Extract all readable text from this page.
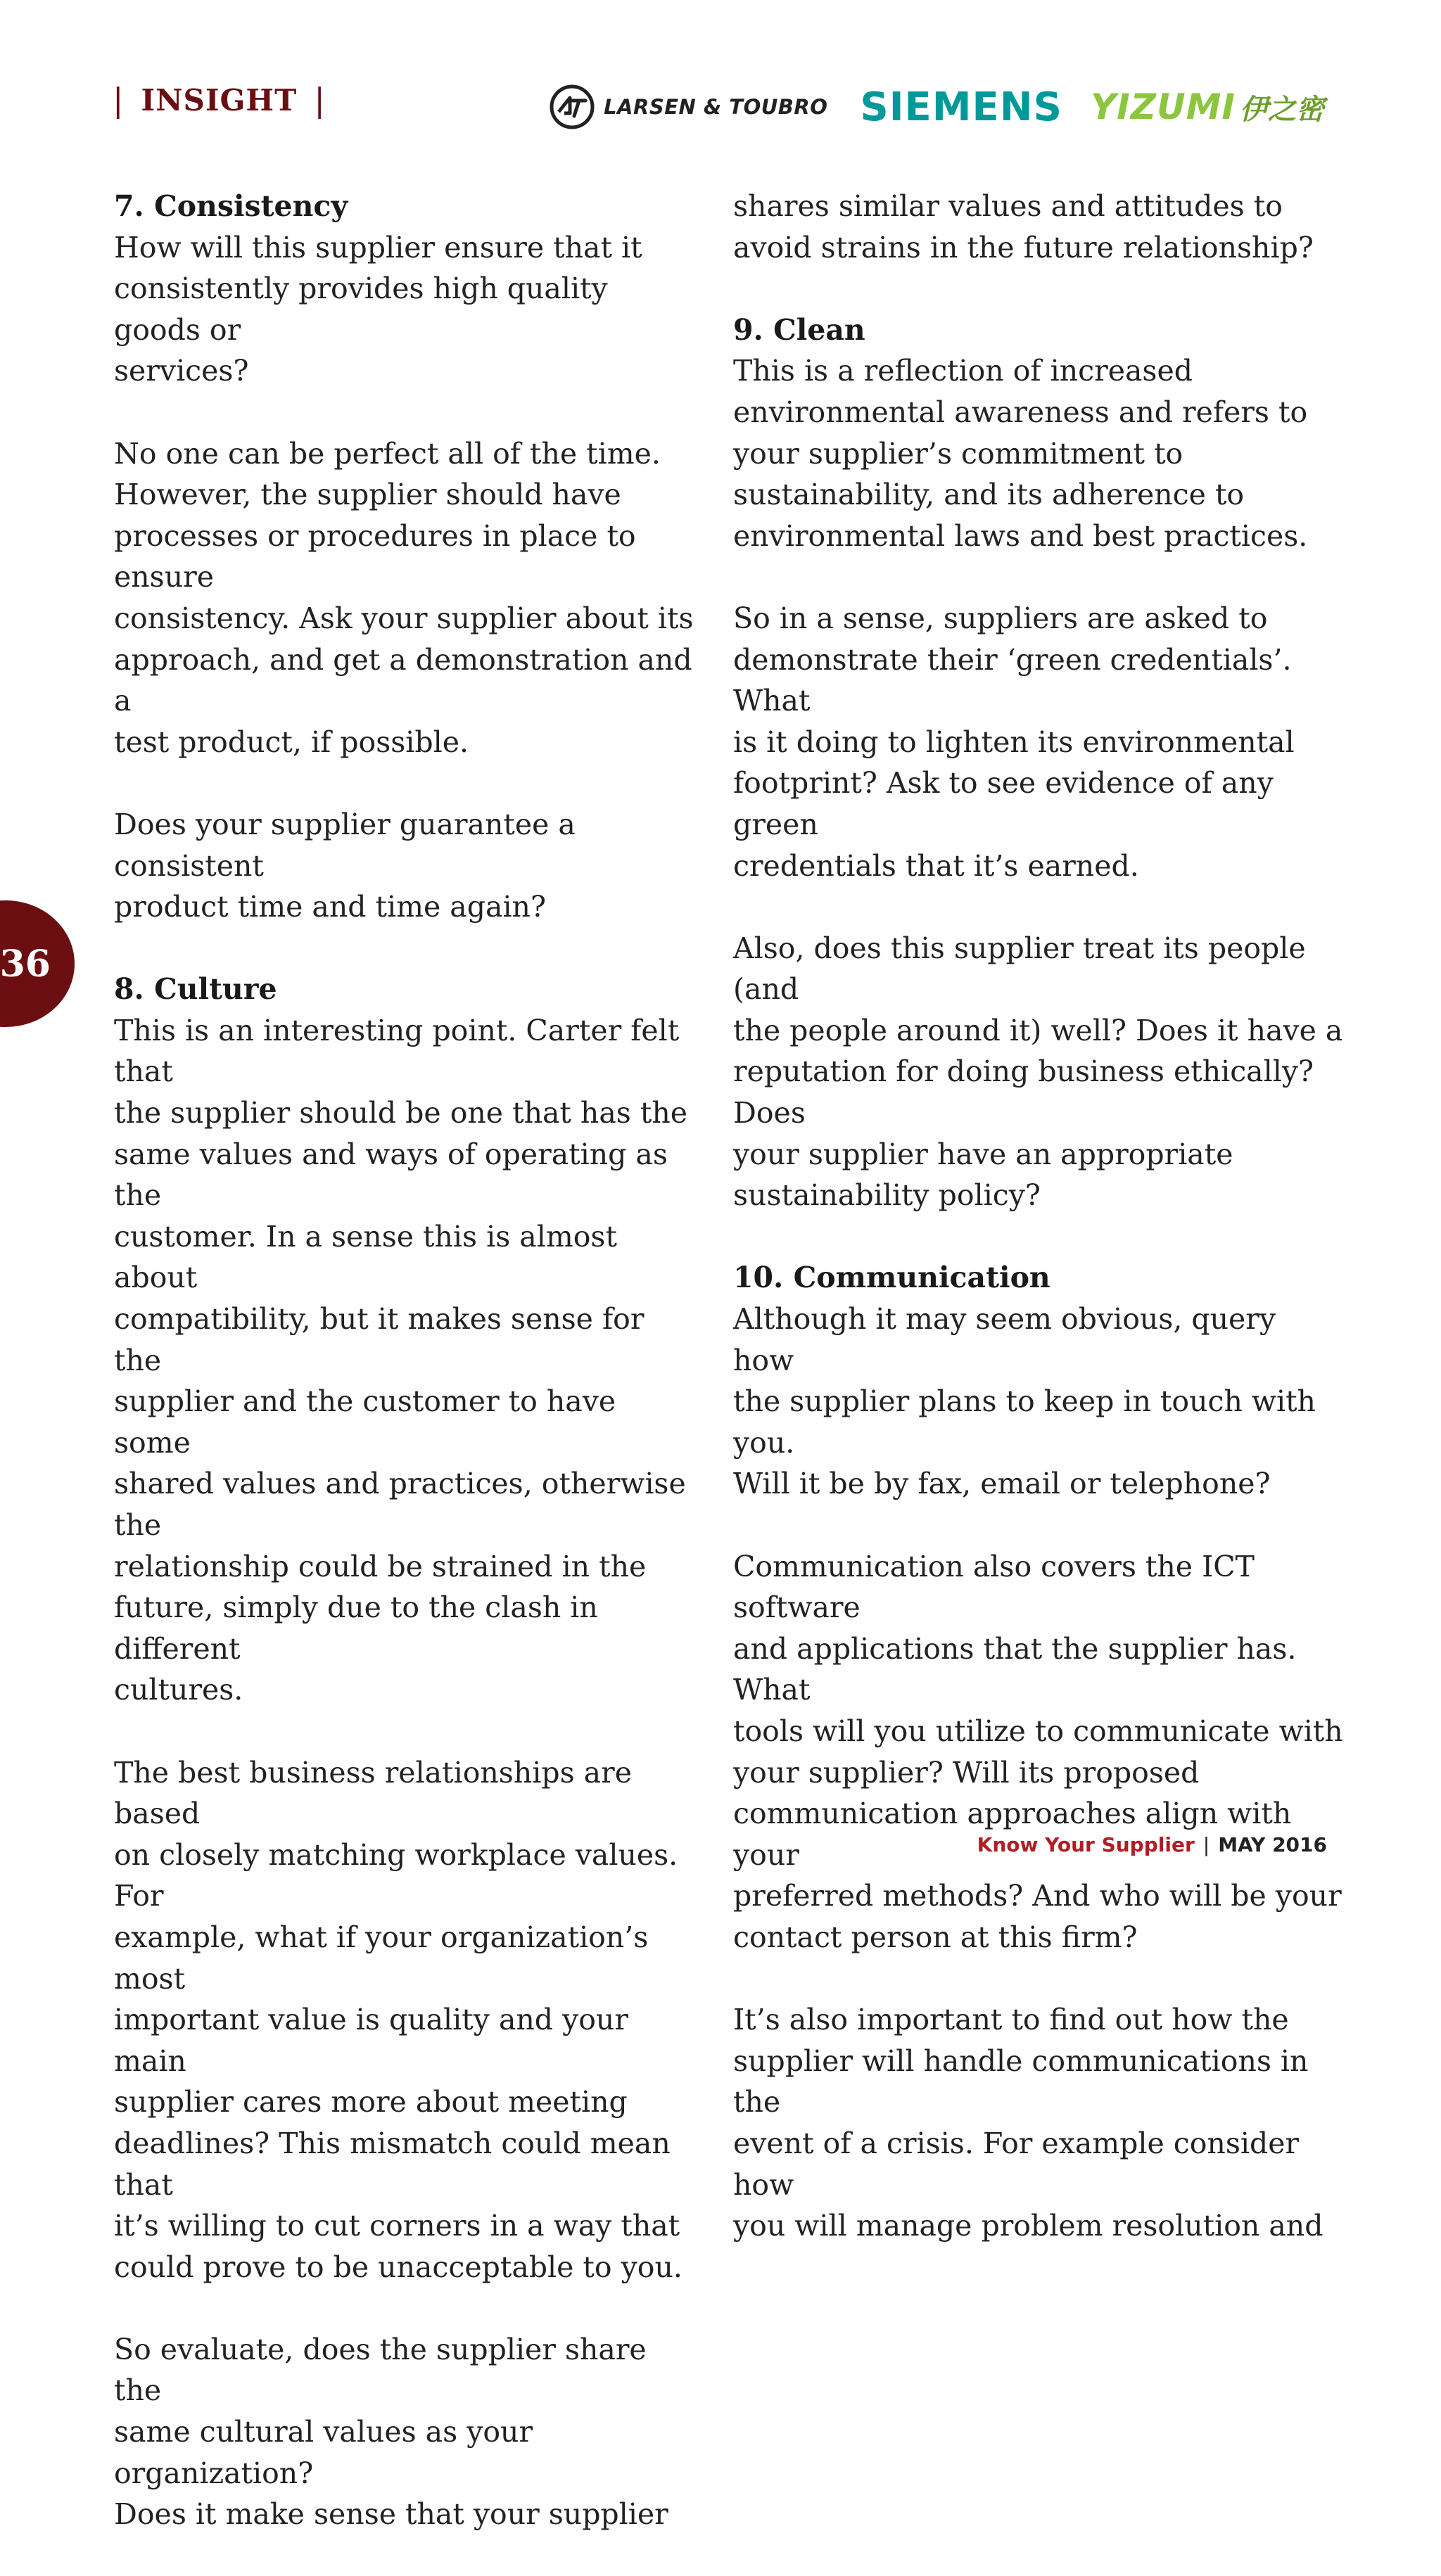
| INSIGHT |	LARSEN & TOUBRO SIEMENS YIZUMI 伊之密
7. Consistency

How will this supplier ensure that it
consistently provides high quality goods or
services?

No one can be perfect all of the time.
However, the supplier should have
processes or procedures in place to ensure
consistency. Ask your supplier about its
approach, and get a demonstration and a
test product, if possible.

Does your supplier guarantee a consistent
product time and time again?

8. Culture

This is an interesting point. Carter felt that
the supplier should be one that has the
same values and ways of operating as the
customer. In a sense this is almost about
compatibility, but it makes sense for the
supplier and the customer to have some
shared values and practices, otherwise the
relationship could be strained in the
future, simply due to the clash in different
cultures.

The best business relationships are based
on closely matching workplace values. For
example, what if your organization’s most
important value is quality and your main
supplier cares more about meeting
deadlines? This mismatch could mean that
it’s willing to cut corners in a way that
could prove to be unacceptable to you.

So evaluate, does the supplier share the
same cultural values as your organization?
Does it make sense that your supplier

shares similar values and attitudes to
avoid strains in the future relationship?

9. Clean

This is a reflection of increased
environmental awareness and refers to
your supplier’s commitment to
sustainability, and its adherence to
environmental laws and best practices.

So in a sense, suppliers are asked to
demonstrate their ‘green credentials’. What
is it doing to lighten its environmental
footprint? Ask to see evidence of any green
credentials that it’s earned.

Also, does this supplier treat its people (and
the people around it) well? Does it have a
reputation for doing business ethically? Does
your supplier have an appropriate
sustainability policy?

10. Communication

Although it may seem obvious, query how
the supplier plans to keep in touch with you.
Will it be by fax, email or telephone?

Communication also covers the ICT software
and applications that the supplier has. What
tools will you utilize to communicate with
your supplier? Will its proposed
communication approaches align with your
preferred methods? And who will be your
contact person at this firm?

It’s also important to find out how the
supplier will handle communications in the
event of a crisis. For example consider how
you will manage problem resolution and

36
Know Your Supplier | MAY 2016
